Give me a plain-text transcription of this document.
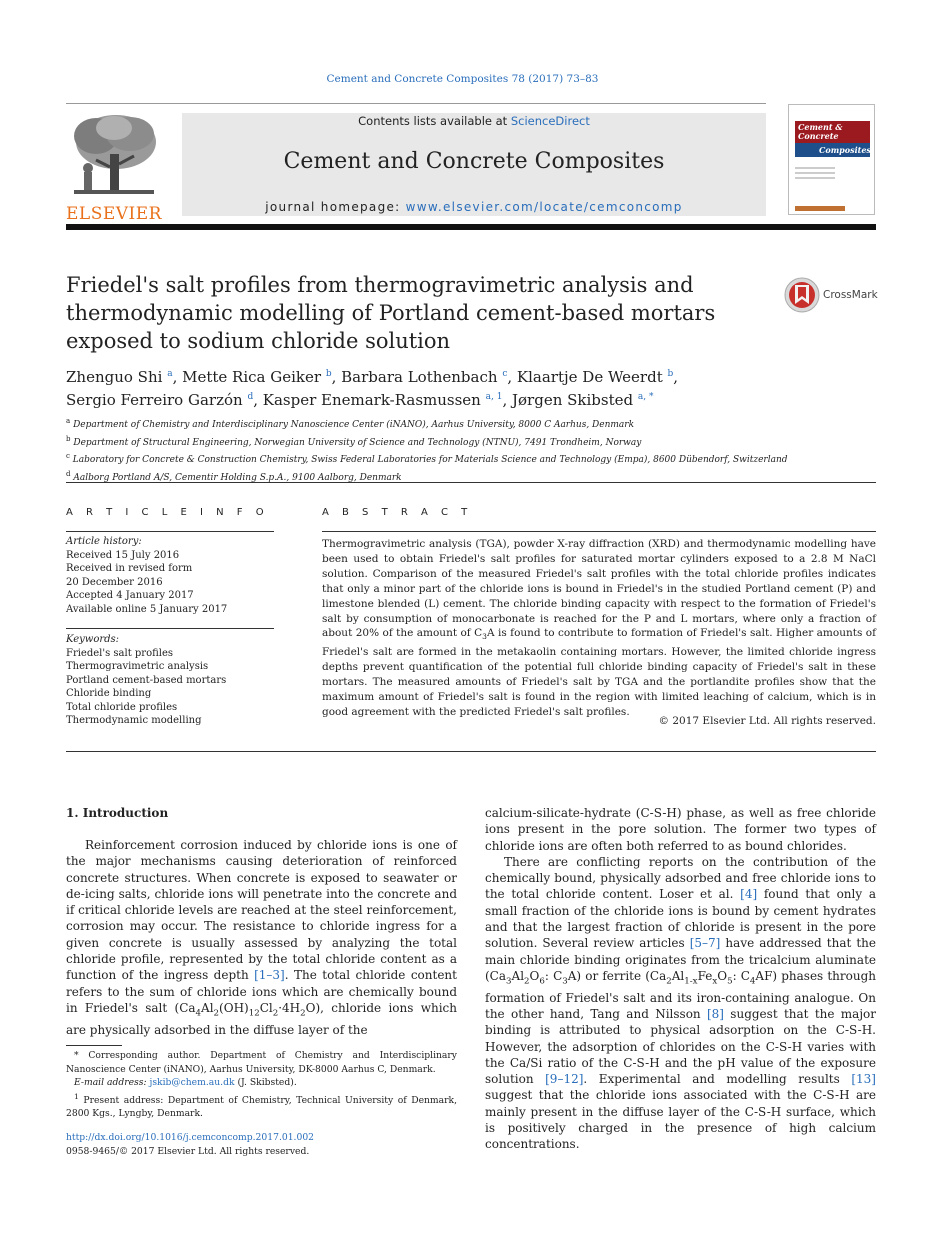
Cement and Concrete Composites 78 (2017) 73–83
ELSEVIER
Contents lists available at ScienceDirect
Cement and Concrete Composites
journal homepage: www.elsevier.com/locate/cemconcomp
Cement &
Concrete
Composites
Friedel's salt profiles from thermogravimetric analysis and thermodynamic modelling of Portland cement-based mortars exposed to sodium chloride solution
CrossMark
Zhenguo Shi $^a$, Mette Rica Geiker $^b$, Barbara Lothenbach $^c$, Klaartje De Weerdt $^b$,
Sergio Ferreiro Garzón $^d$, Kasper Enemark-Rasmussen $^{a, 1}$, Jørgen Skibsted $^{a, *}$
$^a$ Department of Chemistry and Interdisciplinary Nanoscience Center (iNANO), Aarhus University, 8000 C Aarhus, Denmark
$^b$ Department of Structural Engineering, Norwegian University of Science and Technology (NTNU), 7491 Trondheim, Norway
$^c$ Laboratory for Concrete & Construction Chemistry, Swiss Federal Laboratories for Materials Science and Technology (Empa), 8600 Dübendorf, Switzerland
$^d$ Aalborg Portland A/S, Cementir Holding S.p.A., 9100 Aalborg, Denmark
A R T I C L E I N F O
Article history:
Received 15 July 2016
Received in revised form
20 December 2016
Accepted 4 January 2017
Available online 5 January 2017
Keywords:
Friedel's salt profiles
Thermogravimetric analysis
Portland cement-based mortars
Chloride binding
Total chloride profiles
Thermodynamic modelling
A B S T R A C T
Thermogravimetric analysis (TGA), powder X-ray diffraction (XRD) and thermodynamic modelling have been used to obtain Friedel's salt profiles for saturated mortar cylinders exposed to a 2.8 M NaCl solution. Comparison of the measured Friedel's salt profiles with the total chloride profiles indicates that only a minor part of the chloride ions is bound in Friedel's in the studied Portland cement (P) and limestone blended (L) cement. The chloride binding capacity with respect to the formation of Friedel's salt by consumption of monocarbonate is reached for the P and L mortars, where only a fraction of about 20% of the amount of $C_3A$ is found to contribute to formation of Friedel's salt. Higher amounts of Friedel's salt are formed in the metakaolin containing mortars. However, the limited chloride ingress depths prevent quantification of the potential full chloride binding capacity of Friedel's salt in these mortars. The measured amounts of Friedel's salt by TGA and the portlandite profiles show that the maximum amount of Friedel's salt is found in the region with limited leaching of calcium, which is in good agreement with the predicted Friedel's salt profiles.
© 2017 Elsevier Ltd. All rights reserved.
1. Introduction

Reinforcement corrosion induced by chloride ions is one of the major mechanisms causing deterioration of reinforced concrete structures. When concrete is exposed to seawater or de-icing salts, chloride ions will penetrate into the concrete and if critical chloride levels are reached at the steel reinforcement, corrosion may occur. The resistance to chloride ingress for a given concrete is usually assessed by analyzing the total chloride profile, represented by the total chloride content as a function of the ingress depth [1–3]. The total chloride content refers to the sum of chloride ions which are chemically bound in Friedel's salt $(Ca_4Al_2(OH)_{12}Cl_2\cdot 4H_2O)$, chloride ions which are physically adsorbed in the diffuse layer of the

calcium-silicate-hydrate (C-S-H) phase, as well as free chloride ions present in the pore solution. The former two types of chloride ions are often both referred to as bound chlorides.

There are conflicting reports on the contribution of the chemically bound, physically adsorbed and free chloride ions to the total chloride content. Loser et al. [4] found that only a small fraction of the chloride ions is bound by cement hydrates and that the largest fraction of chloride is present in the pore solution. Several review articles [5–7] have addressed that the main chloride binding originates from the tricalcium aluminate ($Ca_3Al_2O_6$: $C_3A$) or ferrite ($Ca_2Al_{1-x}Fe_xO_5$: $C_4AF$) phases through formation of Friedel's salt and its iron-containing analogue. On the other hand, Tang and Nilsson [8] suggest that the major binding is attributed to physical adsorption on the C-S-H. However, the adsorption of chlorides on the C-S-H varies with the Ca/Si ratio of the C-S-H and the pH value of the exposure solution [9–12]. Experimental and modelling results [13] suggest that the chloride ions associated with the C-S-H are mainly present in the diffuse layer of the C-S-H surface, which is positively charged in the presence of high calcium concentrations.

* Corresponding author. Department of Chemistry and Interdisciplinary Nanoscience Center (iNANO), Aarhus University, DK-8000 Aarhus C, Denmark.

E-mail address: jskib@chem.au.dk (J. Skibsted).

$^1$ Present address: Department of Chemistry, Technical University of Denmark, 2800 Kgs., Lyngby, Denmark.

http://dx.doi.org/10.1016/j.cemconcomp.2017.01.002
0958-9465/© 2017 Elsevier Ltd. All rights reserved.
